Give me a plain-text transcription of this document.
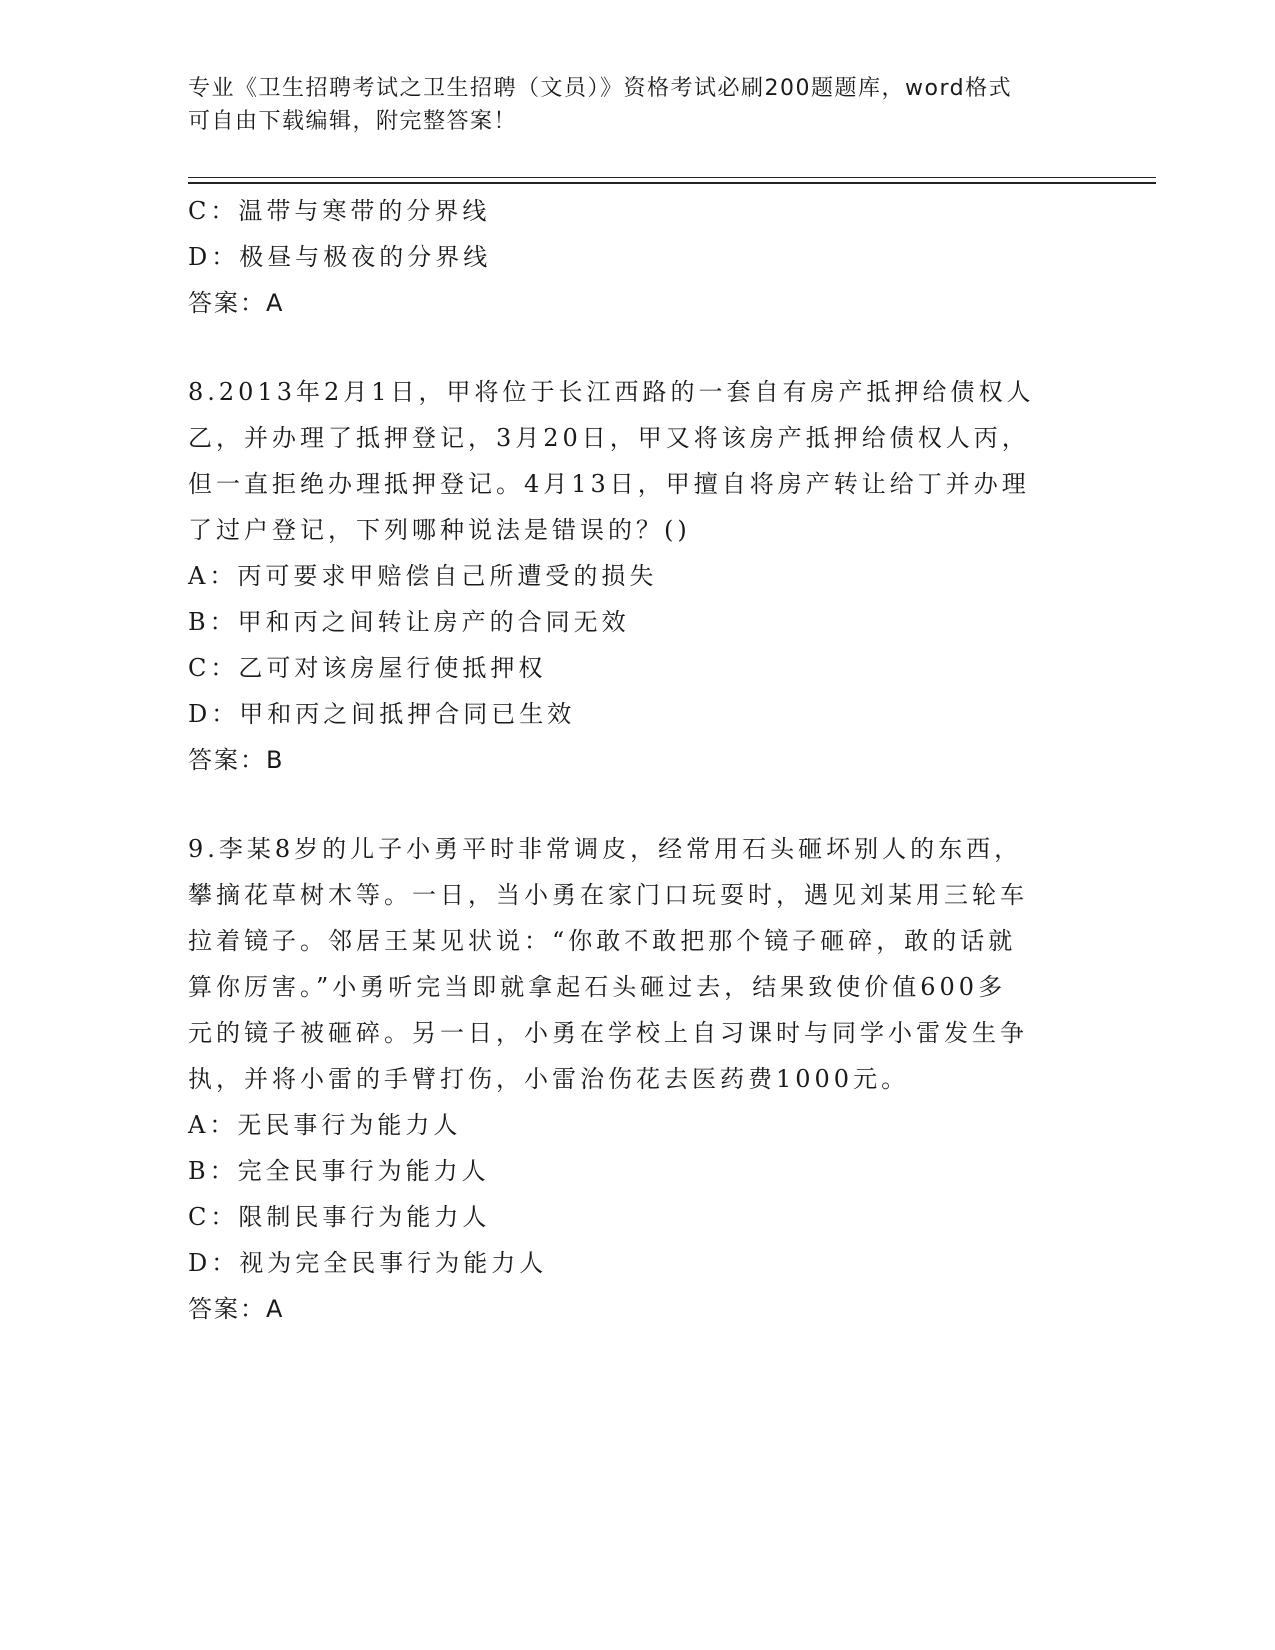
专业《卫生招聘考试之卫生招聘（文员）》资格考试必刷200题题库，word格式
可自由下载编辑，附完整答案！
C：温带与寒带的分界线
D：极昼与极夜的分界线
答案：A
8.2013年2月1日，甲将位于长江西路的一套自有房产抵押给债权人
乙，并办理了抵押登记，3月20日，甲又将该房产抵押给债权人丙，
但一直拒绝办理抵押登记。4月13日，甲擅自将房产转让给丁并办理
了过户登记，下列哪种说法是错误的？()
A：丙可要求甲赔偿自己所遭受的损失
B：甲和丙之间转让房产的合同无效
C：乙可对该房屋行使抵押权
D：甲和丙之间抵押合同已生效
答案：B
9.李某8岁的儿子小勇平时非常调皮，经常用石头砸坏别人的东西，
攀摘花草树木等。一日，当小勇在家门口玩耍时，遇见刘某用三轮车
拉着镜子。邻居王某见状说：“你敢不敢把那个镜子砸碎，敢的话就
算你厉害。”小勇听完当即就拿起石头砸过去，结果致使价值600多
元的镜子被砸碎。另一日，小勇在学校上自习课时与同学小雷发生争
执，并将小雷的手臂打伤，小雷治伤花去医药费1000元。
A：无民事行为能力人
B：完全民事行为能力人
C：限制民事行为能力人
D：视为完全民事行为能力人
答案：A
